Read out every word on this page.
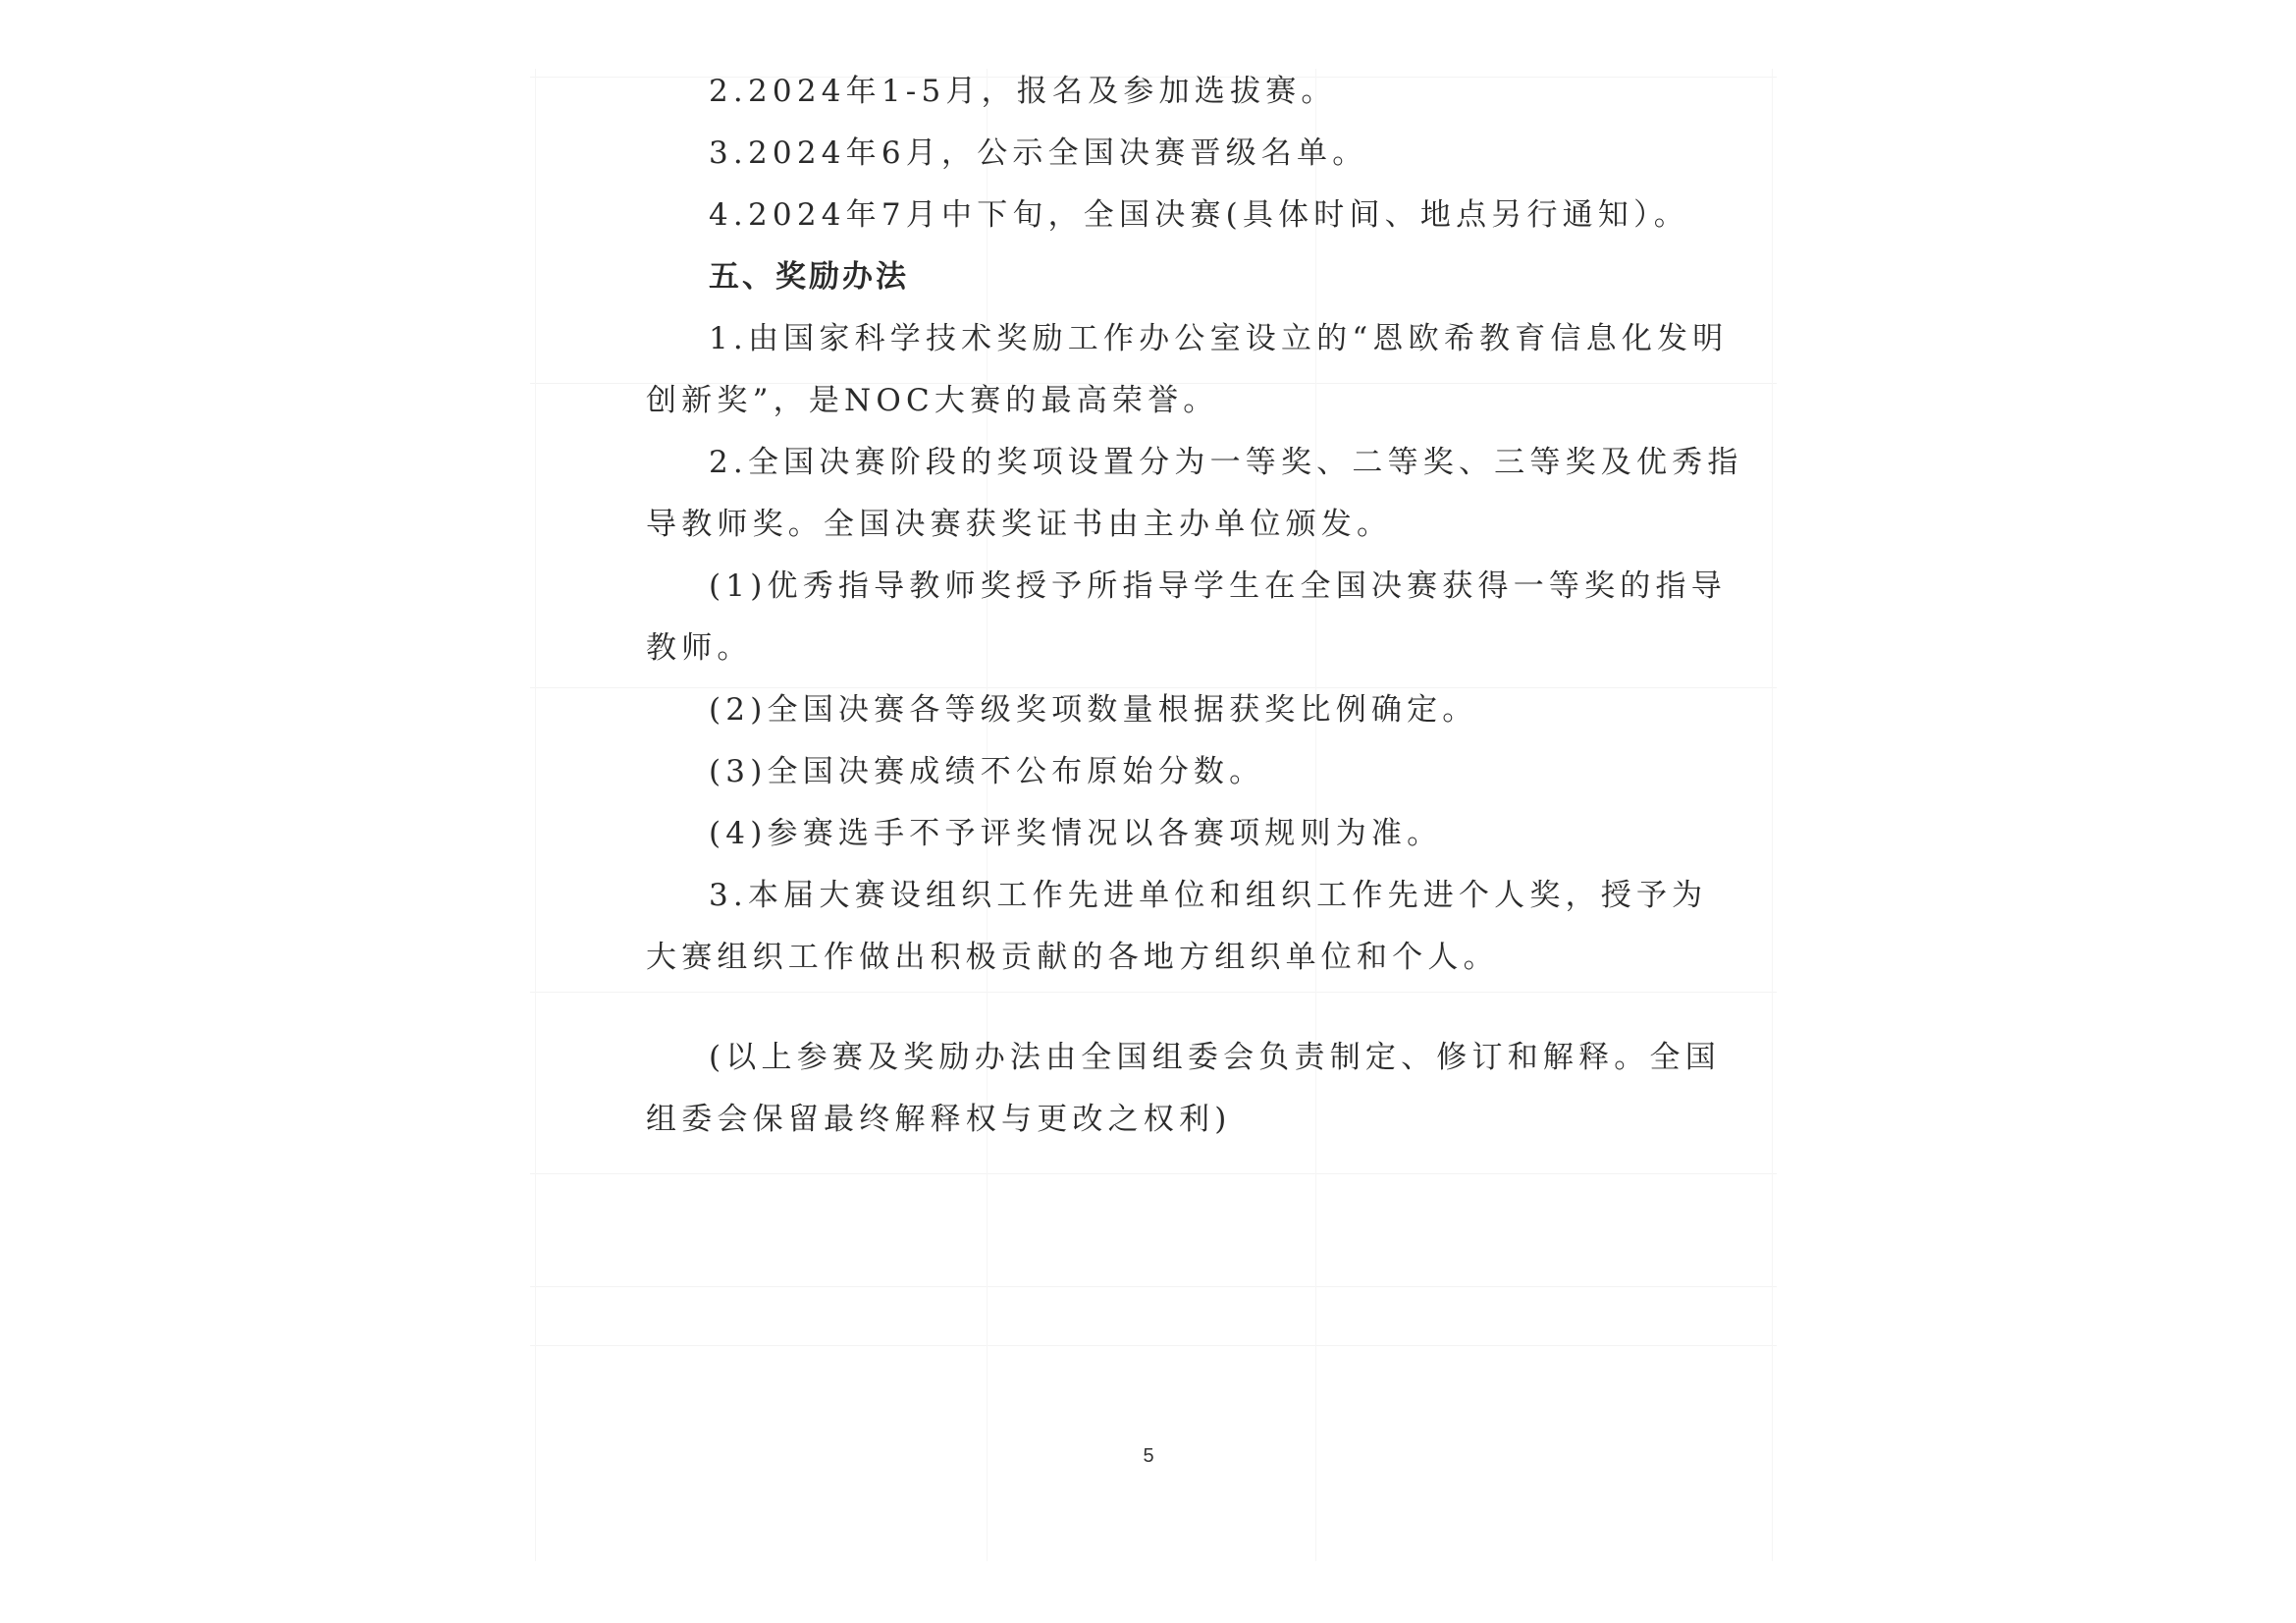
2.2024年1-5月，报名及参加选拔赛。
3.2024年6月，公示全国决赛晋级名单。
4.2024年7月中下旬，全国决赛(具体时间、地点另行通知）。
五、奖励办法
1.由国家科学技术奖励工作办公室设立的“恩欧希教育信息化发明
创新奖”，是NOC大赛的最高荣誉。
2.全国决赛阶段的奖项设置分为一等奖、二等奖、三等奖及优秀指
导教师奖。全国决赛获奖证书由主办单位颁发。
(1)优秀指导教师奖授予所指导学生在全国决赛获得一等奖的指导
教师。
(2)全国决赛各等级奖项数量根据获奖比例确定。
(3)全国决赛成绩不公布原始分数。
(4)参赛选手不予评奖情况以各赛项规则为准。
3.本届大赛设组织工作先进单位和组织工作先进个人奖，授予为
大赛组织工作做出积极贡献的各地方组织单位和个人。
(以上参赛及奖励办法由全国组委会负责制定、修订和解释。全国
组委会保留最终解释权与更改之权利)
5
